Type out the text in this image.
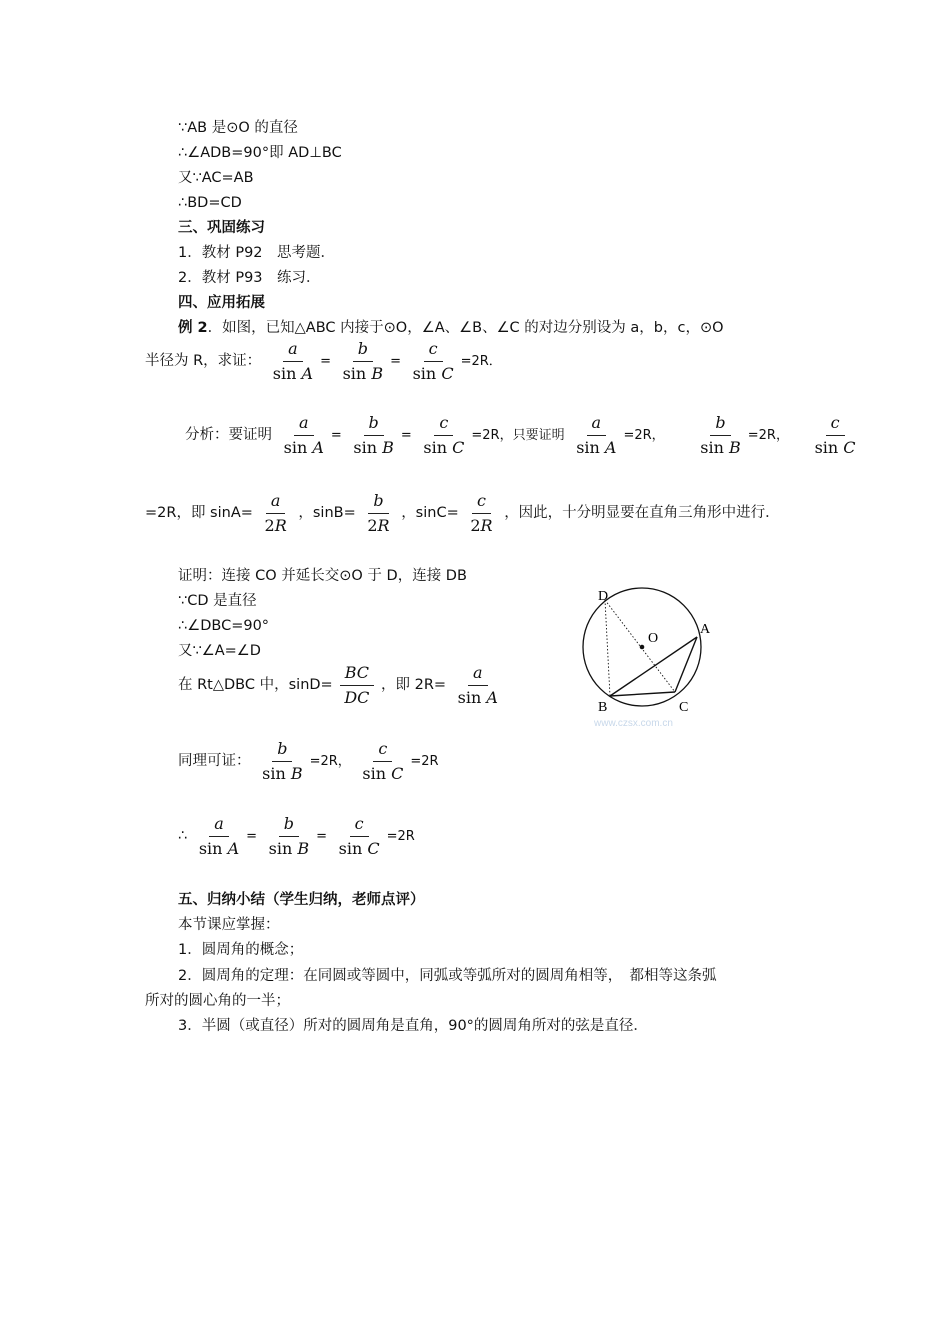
∵AB 是⊙O 的直径
∴∠ADB=90°即 AD⊥BC
又∵AC=AB
∴BD=CD
三、巩固练习
1．教材 P92　思考题．
2．教材 P93　练习．
四、应用拓展
例 2．如图，已知△ABC 内接于⊙O，∠A、∠B、∠C 的对边分别设为 a，b，c，⊙O
半径为 R，求证： $\frac{a}{\text{sin A}} = \frac{b}{\text{sin B}} = \frac{c}{\text{sin C}} =2R$．
分析：要证明 $\frac{a}{\text{sin A}} = \frac{b}{\text{sin B}} = \frac{c}{\text{sin C}} =2R$，只要证明 $\frac{a}{\text{sin A}} =2R$， $\frac{b}{\text{sin B}} =2R$， $\frac{c}{\text{sin C}}$
=2R，即 $\sin A= \frac{a}{2R}$ ，$\sin B= \frac{b}{2R}$ ，$\sin C= \frac{c}{2R}$ ，因此，十分明显要在直角三角形中进行．
证明：连接 CO 并延长交⊙O 于 D，连接 DB
∵CD 是直径
∴∠DBC=90°
又∵∠A=∠D
在 Rt△DBC 中，$\sin D= \frac{BC}{DC}$ ，即 $2R= \frac{a}{\text{sin A}}$
同理可证： $\frac{b}{\text{sin B}} =2R$， $\frac{c}{\text{sin C}} =2R$
∴ $\frac{a}{\text{sin A}} = \frac{b}{\text{sin B}} = \frac{c}{\text{sin C}} =2R$
D
O
A
B	C
www.czsx.com.cn
五、归纳小结（学生归纳，老师点评）
本节课应掌握：
1．圆周角的概念；
2．圆周角的定理：在同圆或等圆中，同弧或等弧所对的圆周角相等，　都相等这条弧
所对的圆心角的一半；
3．半圆（或直径）所对的圆周角是直角，90°的圆周角所对的弦是直径．
